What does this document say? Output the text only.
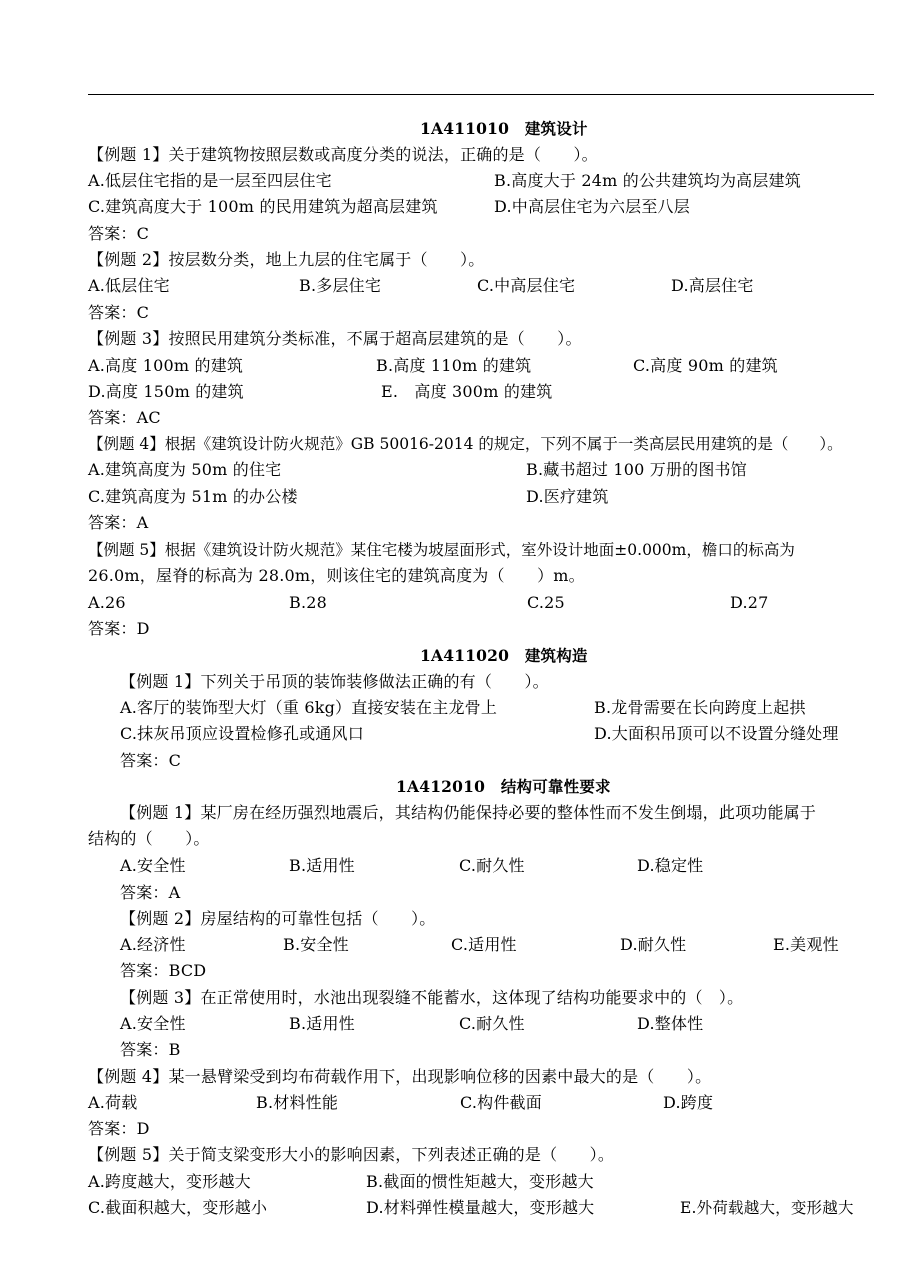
1A411010　建筑设计
【例题 1】关于建筑物按照层数或高度分类的说法，正确的是（　　）。
A.低层住宅指的是一层至四层住宅	B.高度大于 24m 的公共建筑均为高层建筑
C.建筑高度大于 100m 的民用建筑为超高层建筑	D.中高层住宅为六层至八层
答案：C
【例题 2】按层数分类，地上九层的住宅属于（　　）。
A.低层住宅	B.多层住宅	C.中高层住宅	D.高层住宅
答案：C
【例题 3】按照民用建筑分类标准，不属于超高层建筑的是（　　）。
A.高度 100m 的建筑	B.高度 110m 的建筑	C.高度 90m 的建筑
D.高度 150m 的建筑	E.　高度 300m 的建筑
答案：AC
【例题 4】根据《建筑设计防火规范》GB 50016-2014 的规定，下列不属于一类高层民用建筑的是（　　）。
A.建筑高度为 50m 的住宅	B.藏书超过 100 万册的图书馆
C.建筑高度为 51m 的办公楼	D.医疗建筑
答案：A
【例题 5】根据《建筑设计防火规范》某住宅楼为坡屋面形式，室外设计地面±0.000m，檐口的标高为
26.0m，屋脊的标高为 28.0m，则该住宅的建筑高度为（　　）m。
A.26	B.28	C.25	D.27
答案：D
1A411020　建筑构造
【例题 1】下列关于吊顶的装饰装修做法正确的有（　　）。
A.客厅的装饰型大灯（重 6kg）直接安装在主龙骨上	B.龙骨需要在长向跨度上起拱
C.抹灰吊顶应设置检修孔或通风口	D.大面积吊顶可以不设置分缝处理
答案：C
1A412010　结构可靠性要求
【例题 1】某厂房在经历强烈地震后，其结构仍能保持必要的整体性而不发生倒塌，此项功能属于
结构的（　　）。
A.安全性	B.适用性	C.耐久性	D.稳定性
答案：A
【例题 2】房屋结构的可靠性包括（　　）。
A.经济性	B.安全性	C.适用性	D.耐久性	E.美观性
答案：BCD
【例题 3】在正常使用时，水池出现裂缝不能蓄水，这体现了结构功能要求中的（　）。
A.安全性	B.适用性	C.耐久性	D.整体性
答案：B
【例题 4】某一悬臂梁受到均布荷载作用下，出现影响位移的因素中最大的是（　　）。
A.荷载	B.材料性能	C.构件截面	D.跨度
答案：D
【例题 5】关于简支梁变形大小的影响因素，下列表述正确的是（　　）。
A.跨度越大，变形越大	B.截面的惯性矩越大，变形越大
C.截面积越大，变形越小	D.材料弹性模量越大，变形越大	E.外荷载越大，变形越大
